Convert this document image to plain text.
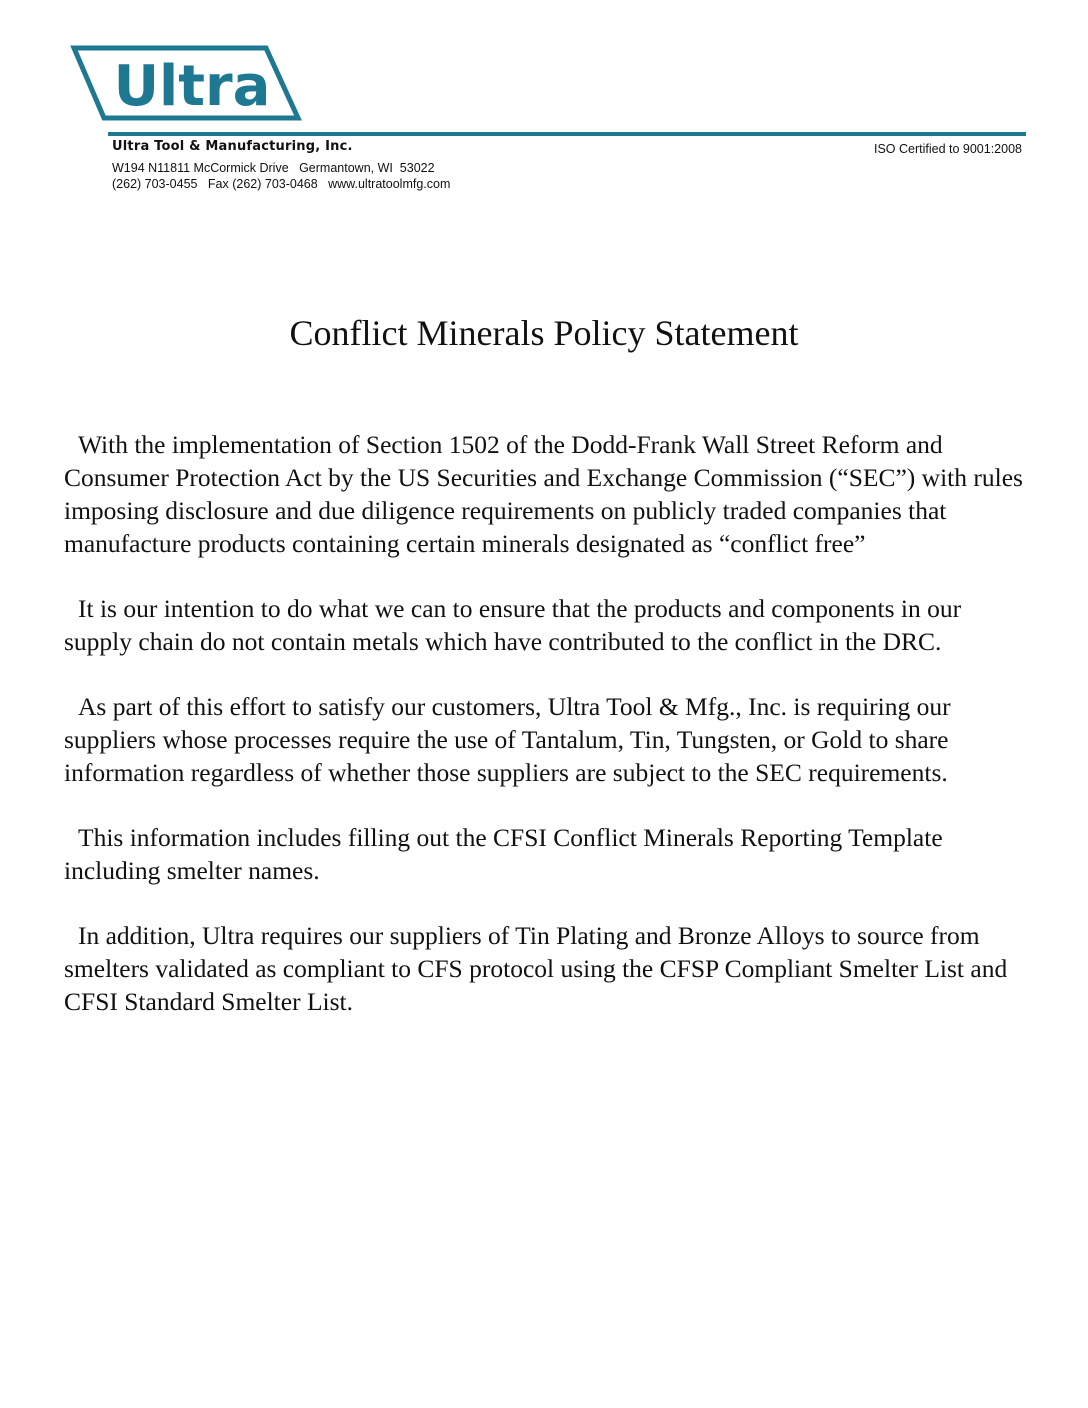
Ultra
Ultra Tool & Manufacturing, Inc.	ISO Certified to 9001:2008
W194 N11811 McCormick Drive   Germantown, WI  53022
(262) 703-0455   Fax (262) 703-0468   www.ultratoolmfg.com
Conflict Minerals Policy Statement

With the implementation of Section 1502 of the Dodd-Frank Wall Street Reform and Consumer Protection Act by the US Securities and Exchange Commission (“SEC”) with rules imposing disclosure and due diligence requirements on publicly traded companies that manufacture products containing certain minerals designated as “conflict free”

It is our intention to do what we can to ensure that the products and components in our supply chain do not contain metals which have contributed to the conflict in the DRC.

As part of this effort to satisfy our customers, Ultra Tool & Mfg., Inc. is requiring our suppliers whose processes require the use of Tantalum, Tin, Tungsten, or Gold to share information regardless of whether those suppliers are subject to the SEC requirements.

This information includes filling out the CFSI Conflict Minerals Reporting Template including smelter names.

In addition, Ultra requires our suppliers of Tin Plating and Bronze Alloys to source from smelters validated as compliant to CFS protocol using the CFSP Compliant Smelter List and CFSI Standard Smelter List.
